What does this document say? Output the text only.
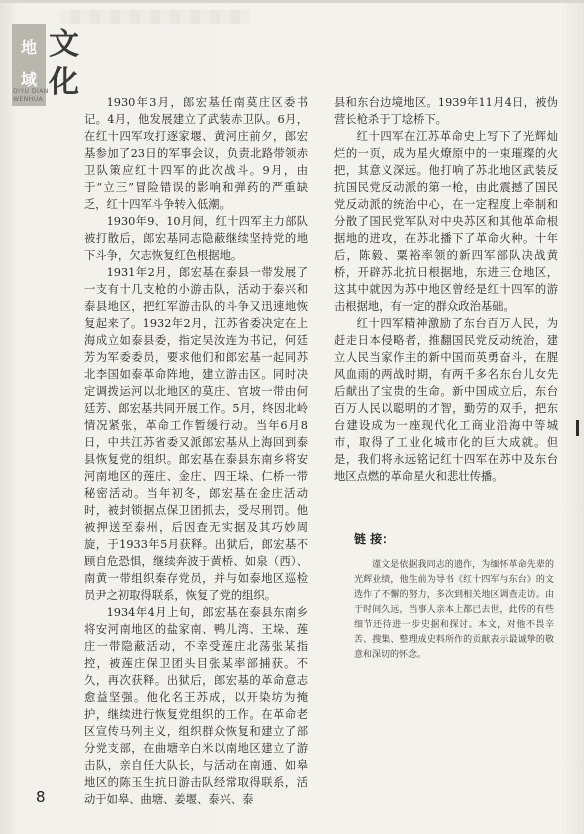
地
域
文
化
DIYU DIAN
WENHUA	1930年3月，郎宏基任南莫庄区委书记。4月，他发展建立了武装赤卫队。6月，在红十四军攻打逐家堰、黄河庄前夕，郎宏基参加了23日的军事会议，负责北路带领赤卫队策应红十四军的此次战斗。9月，由于“立三”冒险错误的影响和弹药的严重缺乏，红十四军斗争转入低潮。

1930年9、10月间，红十四军主力部队被打散后，郎宏基同志隐蔽继续坚持党的地下斗争，欠志恢复红色根据地。

1931年2月，郎宏基在泰县一带发展了一支有十几支枪的小游击队，活动于泰兴和泰县地区，把红军游击队的斗争又迅速地恢复起来了。1932年2月，江苏省委决定在上海成立如泰县委，指定吴汝连为书记，何廷芳为军委委员，要求他们和郎宏基一起同苏北李国如泰革命阵地，建立游击区。同时决定调拨运河以北地区的莫庄、官坡一带由何廷芳、郎宏基共同开展工作。5月，终因北岭情况紧张，革命工作暂缓行动。当年6月8日，中共江苏省委又派郎宏基从上海回到泰县恢复党的组织。郎宏基在泰县东南乡将安河南地区的莲庄、金庄、四王垛、仁桥一带秘密活动。当年初冬，郎宏基在金庄活动时，被封锁据点保卫团抓去，受尽刑罚。他被押送至泰州，后因查无实据及其巧妙周旋，于1933年5月获释。出狱后，郎宏基不顾自危恐惧，继续奔波于黄桥、如泉（西）、南黄一带组织秦存党员，并与如泰地区巡检员尹之初取得联系，恢复了党的组织。

1934年4月上旬，郎宏基在泰县东南乡将安河南地区的盐家南、鸭儿湾、王垛、莲庄一带隐蔽活动，不幸受莲庄北荡张某指控，被莲庄保卫团头目张某率部捕获。不久，再次获释。出狱后，郎宏基的革命意志愈益坚强。他化名王苏成，以开染坊为掩护，继续进行恢复党组织的工作。在革命老区宣传马列主义，组织群众恢复和建立了部分党支部，在曲塘辛白米以南地区建立了游击队，亲自任大队长，与活动在南通、如皋地区的陈玉生抗日游击队经常取得联系，活动于如皋、曲塘、姜堰、泰兴、泰

县和东台边境地区。1939年11月4日，被伪营长枪杀于丁埝桥下。

红十四军在江苏革命史上写下了光辉灿烂的一页，成为星火燎原中的一束璀璨的火把，其意义深远。他打响了苏北地区武装反抗国民党反动派的第一枪，由此震撼了国民党反动派的统治中心，在一定程度上牵制和分散了国民党军队对中央苏区和其他革命根据地的进攻，在苏北播下了革命火种。十年后，陈毅、粟裕率领的新四军部队决战黄桥，开辟苏北抗日根据地，东进三仓地区，这其中就因为苏中地区曾经是红十四军的游击根据地，有一定的群众政治基础。

红十四军精神激励了东台百万人民，为赶走日本侵略者，推翻国民党反动统治，建立人民当家作主的新中国而英勇奋斗，在腥风血雨的两战时期，有两千多名东台儿女先后献出了宝贵的生命。新中国成立后，东台百万人民以聪明的才智，勤劳的双手，把东台建设成为一座现代化工商业沿海中等城市，取得了工业化城市化的巨大成就。但是，我们将永远铭记红十四军在苏中及东台地区点燃的革命星火和悲壮传播。

链 接：

谨文是依据我同志的遗作，为缅怀革命先辈的光辉业绩，他生前为导书《红十四军与东台》的文选作了不懈的努力，多次到相关地区调查走访。由于时间久远，当事人亲本上都已去世，此传的有些细节还待进一步史据和探讨。本文，对他不畏辛苦、搜集、整理成史料所作的贡献表示最诚挚的敬意和深切的怀念。

8
